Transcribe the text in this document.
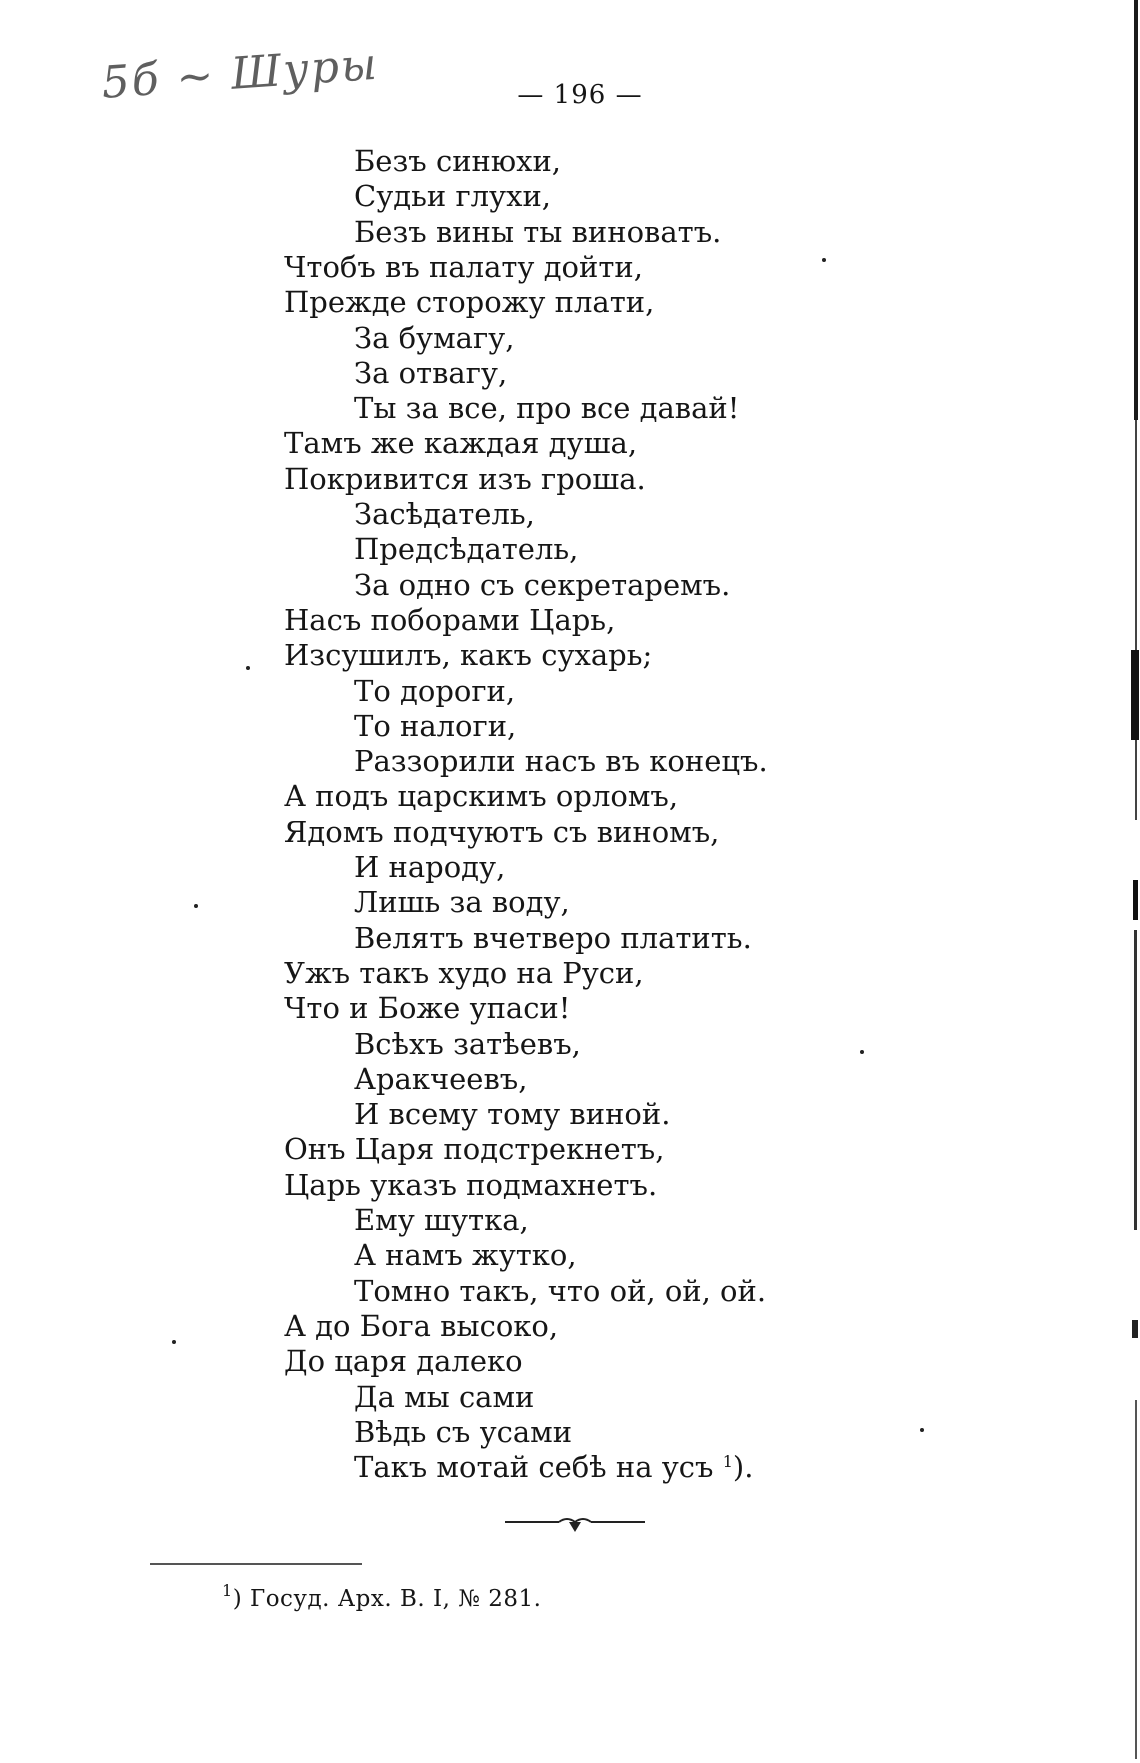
5б ~ Шуры	— 196 —
Безъ синюхи,
Судьи глухи,
Безъ вины ты виноватъ.
Чтобъ въ палату дойти,
Прежде сторожу плати,
За бумагу,
За отвагу,
Ты за все, про все давай!
Тамъ же каждая душа,
Покривится изъ гроша.
Засѣдатель,
Предсѣдатель,
За одно съ секретаремъ.
Насъ поборами Царь,
Изсушилъ, какъ сухарь;
То дороги,
То налоги,
Раззорили насъ въ конецъ.
А подъ царскимъ орломъ,
Ядомъ подчуютъ съ виномъ,
И народу,
Лишь за воду,
Велятъ вчетверо платить.
Ужъ такъ худо на Руси,
Что и Боже упаси!
Всѣхъ затѣевъ,
Аракчеевъ,
И всему тому виной.
Онъ Царя подстрекнетъ,
Царь указъ подмахнетъ.
Ему шутка,
А намъ жутко,
Томно такъ, что ой, ой, ой.
А до Бога высоко,
До царя далеко
Да мы сами
Вѣдь съ усами
Такъ мотай себѣ на усъ $^1$).
$^1$) Госуд. Арх. В. I, № 281.
